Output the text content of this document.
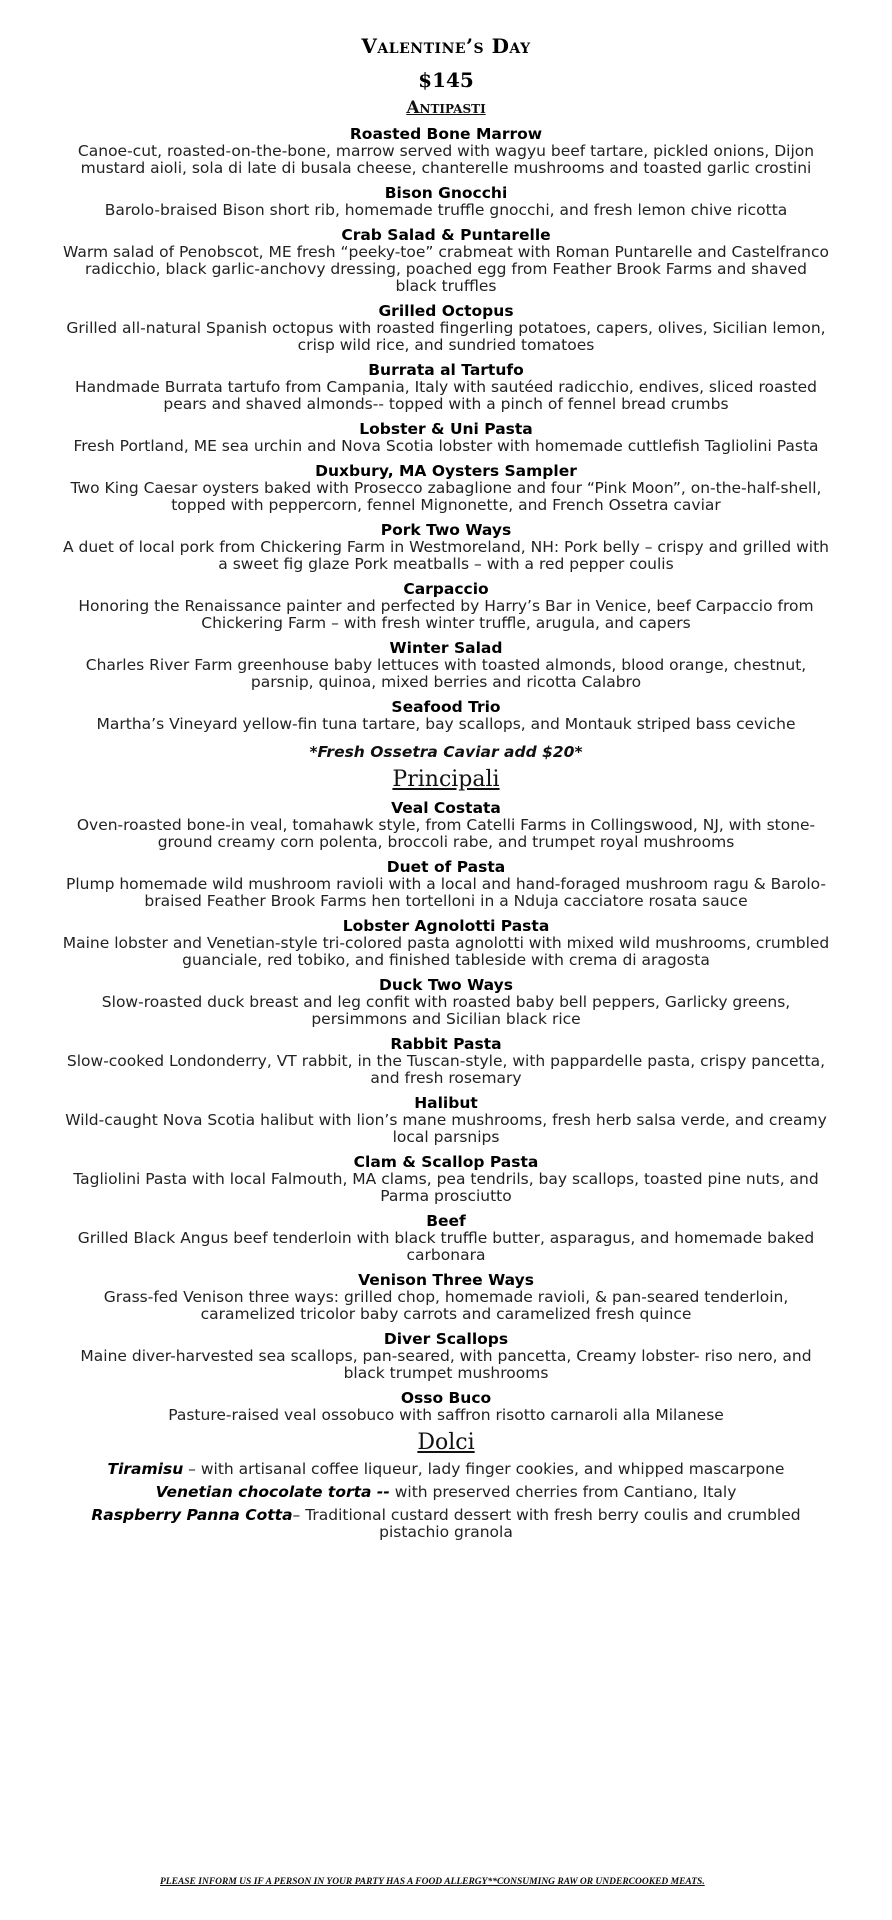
Valentine’s Day
$145
Antipasti
Roasted Bone Marrow
Canoe-cut, roasted-on-the-bone, marrow served with wagyu beef tartare, pickled onions, Dijon mustard aioli, sola di late di busala cheese, chanterelle mushrooms and toasted garlic crostini
Bison Gnocchi
Barolo-braised Bison short rib, homemade truffle gnocchi, and fresh lemon chive ricotta
Crab Salad & Puntarelle
Warm salad of Penobscot, ME fresh “peeky-toe” crabmeat with Roman Puntarelle and Castelfranco radicchio, black garlic-anchovy dressing, poached egg from Feather Brook Farms and shaved black truffles
Grilled Octopus
Grilled all-natural Spanish octopus with roasted fingerling potatoes, capers, olives, Sicilian lemon, crisp wild rice, and sundried tomatoes
Burrata al Tartufo
Handmade Burrata tartufo from Campania, Italy with sautéed radicchio, endives, sliced roasted pears and shaved almonds-- topped with a pinch of fennel bread crumbs
Lobster & Uni Pasta
Fresh Portland, ME sea urchin and Nova Scotia lobster with homemade cuttlefish Tagliolini Pasta
Duxbury, MA Oysters Sampler
Two King Caesar oysters baked with Prosecco zabaglione and four “Pink Moon”, on-the-half-shell, topped with peppercorn, fennel Mignonette, and French Ossetra caviar
Pork Two Ways
A duet of local pork from Chickering Farm in Westmoreland, NH: Pork belly – crispy and grilled with a sweet fig glaze Pork meatballs – with a red pepper coulis
Carpaccio
Honoring the Renaissance painter and perfected by Harry’s Bar in Venice, beef Carpaccio from Chickering Farm – with fresh winter truffle, arugula, and capers
Winter Salad
Charles River Farm greenhouse baby lettuces with toasted almonds, blood orange, chestnut, parsnip, quinoa, mixed berries and ricotta Calabro
Seafood Trio
Martha’s Vineyard yellow-fin tuna tartare, bay scallops, and Montauk striped bass ceviche
*Fresh Ossetra Caviar add $20*
Principali
Veal Costata
Oven-roasted bone-in veal, tomahawk style, from Catelli Farms in Collingswood, NJ, with stone-ground creamy corn polenta, broccoli rabe, and trumpet royal mushrooms
Duet of Pasta
Plump homemade wild mushroom ravioli with a local and hand-foraged mushroom ragu & Barolo-braised Feather Brook Farms hen tortelloni in a Nduja cacciatore rosata sauce
Lobster Agnolotti Pasta
Maine lobster and Venetian-style tri-colored pasta agnolotti with mixed wild mushrooms, crumbled guanciale, red tobiko, and finished tableside with crema di aragosta
Duck Two Ways
Slow-roasted duck breast and leg confit with roasted baby bell peppers, Garlicky greens, persimmons and Sicilian black rice
Rabbit Pasta
Slow-cooked Londonderry, VT rabbit, in the Tuscan-style, with pappardelle pasta, crispy pancetta, and fresh rosemary
Halibut
Wild-caught Nova Scotia halibut with lion’s mane mushrooms, fresh herb salsa verde, and creamy local parsnips
Clam & Scallop Pasta
Tagliolini Pasta with local Falmouth, MA clams, pea tendrils, bay scallops, toasted pine nuts, and Parma prosciutto
Beef
Grilled Black Angus beef tenderloin with black truffle butter, asparagus, and homemade baked carbonara
Venison Three Ways
Grass-fed Venison three ways: grilled chop, homemade ravioli, & pan-seared tenderloin, caramelized tricolor baby carrots and caramelized fresh quince
Diver Scallops
Maine diver-harvested sea scallops, pan-seared, with pancetta, Creamy lobster- riso nero, and black trumpet mushrooms
Osso Buco
Pasture-raised veal ossobuco with saffron risotto carnaroli alla Milanese
Dolci
Tiramisu – with artisanal coffee liqueur, lady finger cookies, and whipped mascarpone
Venetian chocolate torta -- with preserved cherries from Cantiano, Italy
Raspberry Panna Cotta– Traditional custard dessert with fresh berry coulis and crumbled pistachio granola
PLEASE INFORM US IF A PERSON IN YOUR PARTY HAS A FOOD ALLERGY**CONSUMING RAW OR UNDERCOOKED MEATS.
